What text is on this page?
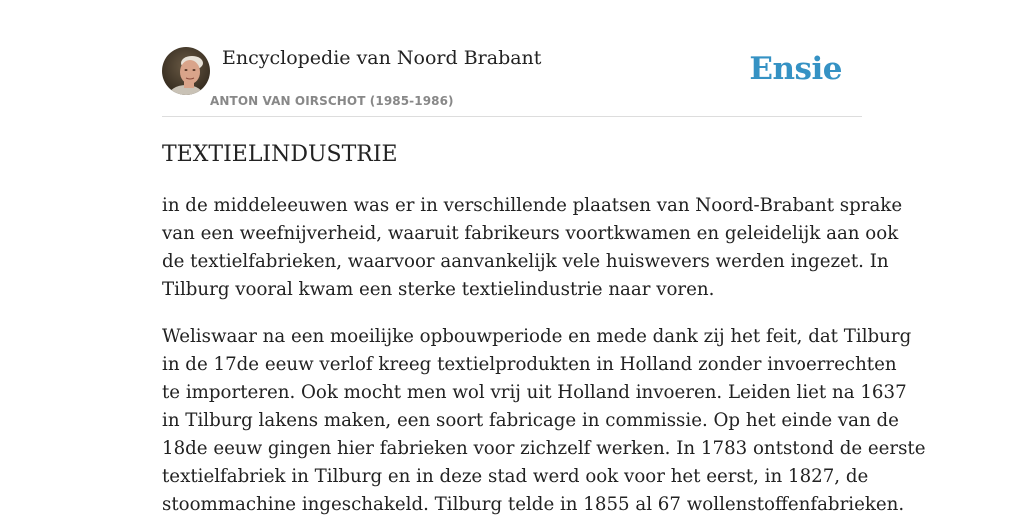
Encyclopedie van Noord Brabant
ANTON VAN OIRSCHOT (1985-1986)
Ensie
TEXTIELINDUSTRIE

in de middeleeuwen was er in verschillende plaatsen van Noord-Brabant sprake
van een weefnijverheid, waaruit fabrikeurs voortkwamen en geleidelijk aan ook
de textielfabrieken, waarvoor aanvankelijk vele huiswevers werden ingezet. In
Tilburg vooral kwam een sterke textielindustrie naar voren.

Weliswaar na een moeilijke opbouwperiode en mede dank zij het feit, dat Tilburg
in de 17de eeuw verlof kreeg textielprodukten in Holland zonder invoerrechten
te importeren. Ook mocht men wol vrij uit Holland invoeren. Leiden liet na 1637
in Tilburg lakens maken, een soort fabricage in commissie. Op het einde van de
18de eeuw gingen hier fabrieken voor zichzelf werken. In 1783 ontstond de eerste
textielfabriek in Tilburg en in deze stad werd ook voor het eerst, in 1827, de
stoommachine ingeschakeld. Tilburg telde in 1855 al 67 wollenstoffenfabrieken.
